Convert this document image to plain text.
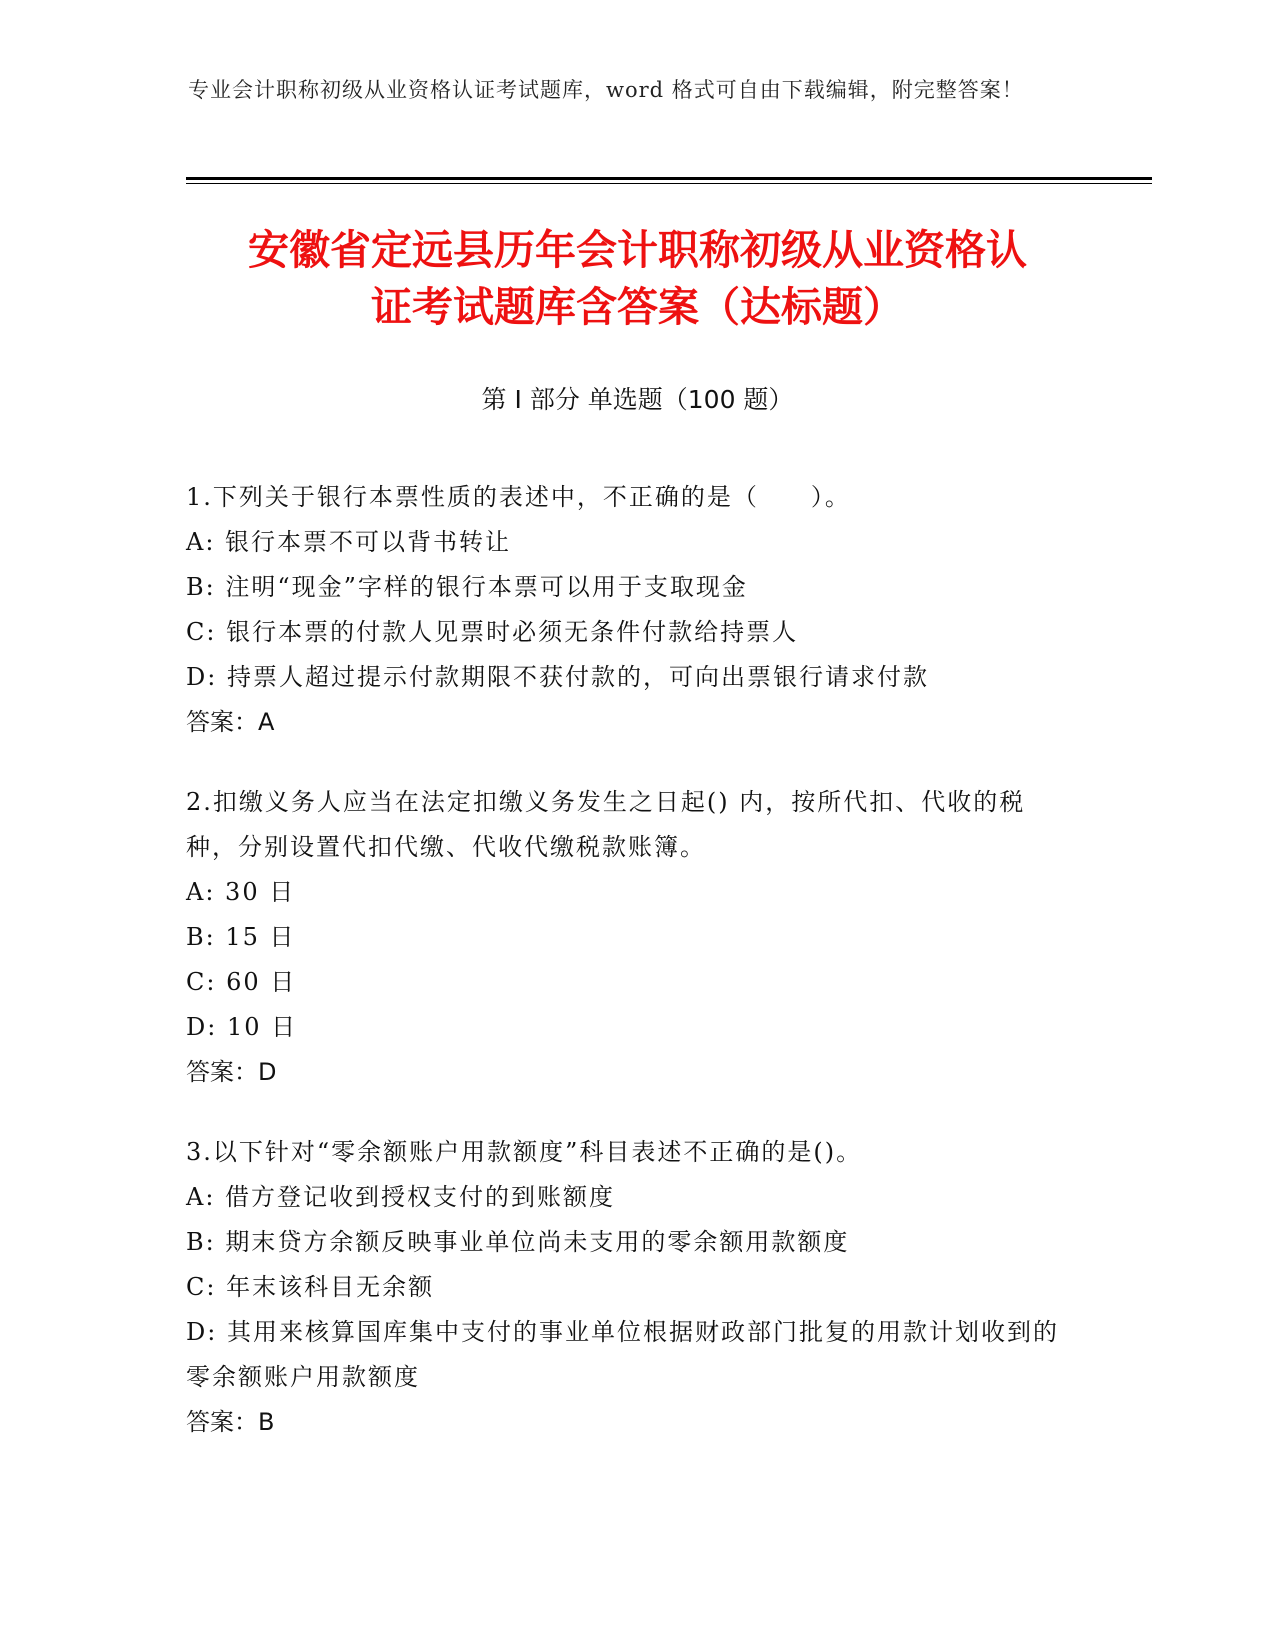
专业会计职称初级从业资格认证考试题库，word 格式可自由下载编辑，附完整答案！
安徽省定远县历年会计职称初级从业资格认
证考试题库含答案（达标题）
第 I 部分 单选题（100 题）

1.下列关于银行本票性质的表述中，不正确的是（　　）。

A: 银行本票不可以背书转让

B: 注明“现金”字样的银行本票可以用于支取现金

C: 银行本票的付款人见票时必须无条件付款给持票人

D: 持票人超过提示付款期限不获付款的，可向出票银行请求付款

答案：A

2.扣缴义务人应当在法定扣缴义务发生之日起() 内，按所代扣、代收的税种，分别设置代扣代缴、代收代缴税款账簿。

A: 30 日

B: 15 日

C: 60 日

D: 10 日

答案：D

3.以下针对“零余额账户用款额度”科目表述不正确的是()。

A: 借方登记收到授权支付的到账额度

B: 期末贷方余额反映事业单位尚未支用的零余额用款额度

C: 年末该科目无余额

D: 其用来核算国库集中支付的事业单位根据财政部门批复的用款计划收到的零余额账户用款额度

答案：B
